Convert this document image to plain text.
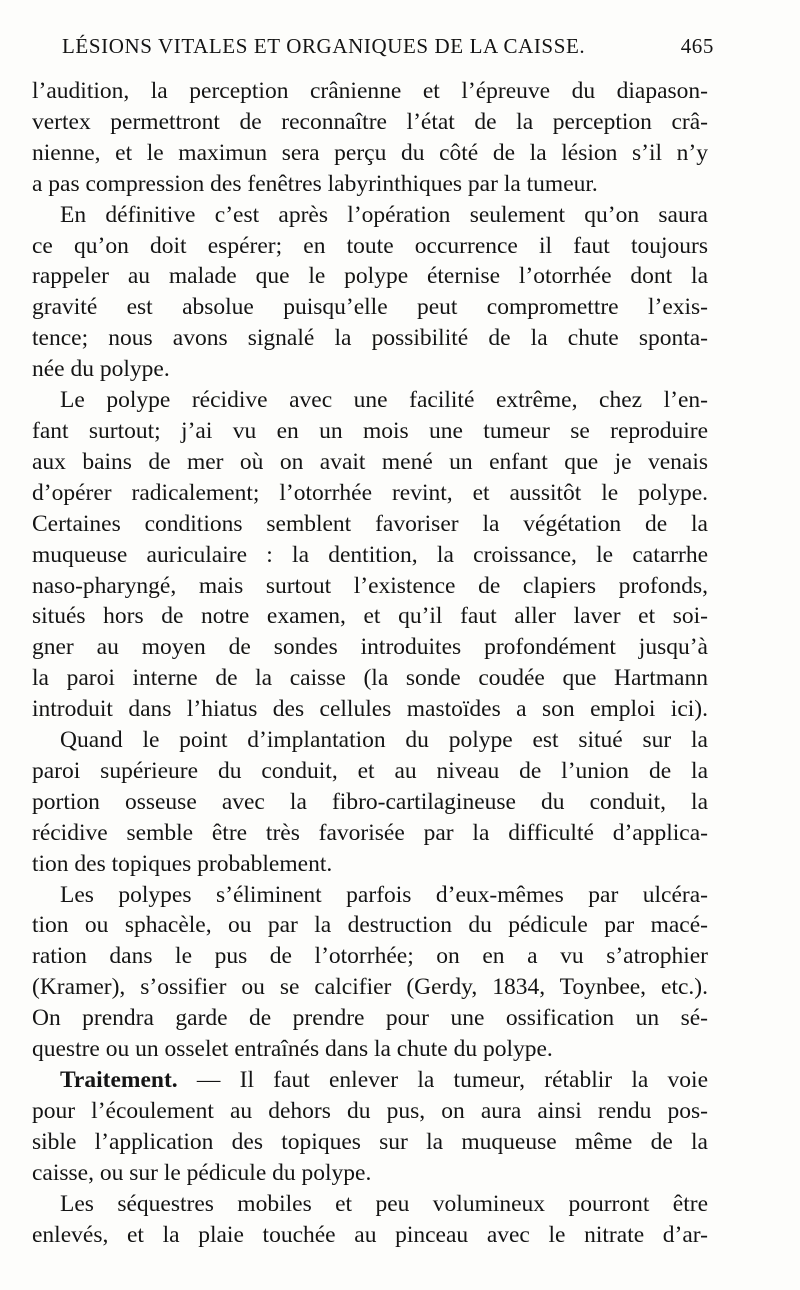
LÉSIONS VITALES ET ORGANIQUES DE LA CAISSE.	465
l’audition, la perception crânienne et l’épreuve du diapason-
vertex permettront de reconnaître l’état de la perception crâ-
nienne, et le maximun sera perçu du côté de la lésion s’il n’y
a pas compression des fenêtres labyrinthiques par la tumeur.
En définitive c’est après l’opération seulement qu’on saura
ce qu’on doit espérer; en toute occurrence il faut toujours
rappeler au malade que le polype éternise l’otorrhée dont la
gravité est absolue puisqu’elle peut compromettre l’exis-
tence; nous avons signalé la possibilité de la chute sponta-
née du polype.
Le polype récidive avec une facilité extrême, chez l’en-
fant surtout; j’ai vu en un mois une tumeur se reproduire
aux bains de mer où on avait mené un enfant que je venais
d’opérer radicalement; l’otorrhée revint, et aussitôt le polype.
Certaines conditions semblent favoriser la végétation de la
muqueuse auriculaire : la dentition, la croissance, le catarrhe
naso-pharyngé, mais surtout l’existence de clapiers profonds,
situés hors de notre examen, et qu’il faut aller laver et soi-
gner au moyen de sondes introduites profondément jusqu’à
la paroi interne de la caisse (la sonde coudée que Hartmann
introduit dans l’hiatus des cellules mastoïdes a son emploi ici).
Quand le point d’implantation du polype est situé sur la
paroi supérieure du conduit, et au niveau de l’union de la
portion osseuse avec la fibro-cartilagineuse du conduit, la
récidive semble être très favorisée par la difficulté d’applica-
tion des topiques probablement.
Les polypes s’éliminent parfois d’eux-mêmes par ulcéra-
tion ou sphacèle, ou par la destruction du pédicule par macé-
ration dans le pus de l’otorrhée; on en a vu s’atrophier
(Kramer), s’ossifier ou se calcifier (Gerdy, 1834, Toynbee, etc.).
On prendra garde de prendre pour une ossification un sé-
questre ou un osselet entraînés dans la chute du polype.
Traitement. — Il faut enlever la tumeur, rétablir la voie
pour l’écoulement au dehors du pus, on aura ainsi rendu pos-
sible l’application des topiques sur la muqueuse même de la
caisse, ou sur le pédicule du polype.
Les séquestres mobiles et peu volumineux pourront être
enlevés, et la plaie touchée au pinceau avec le nitrate d’ar-
